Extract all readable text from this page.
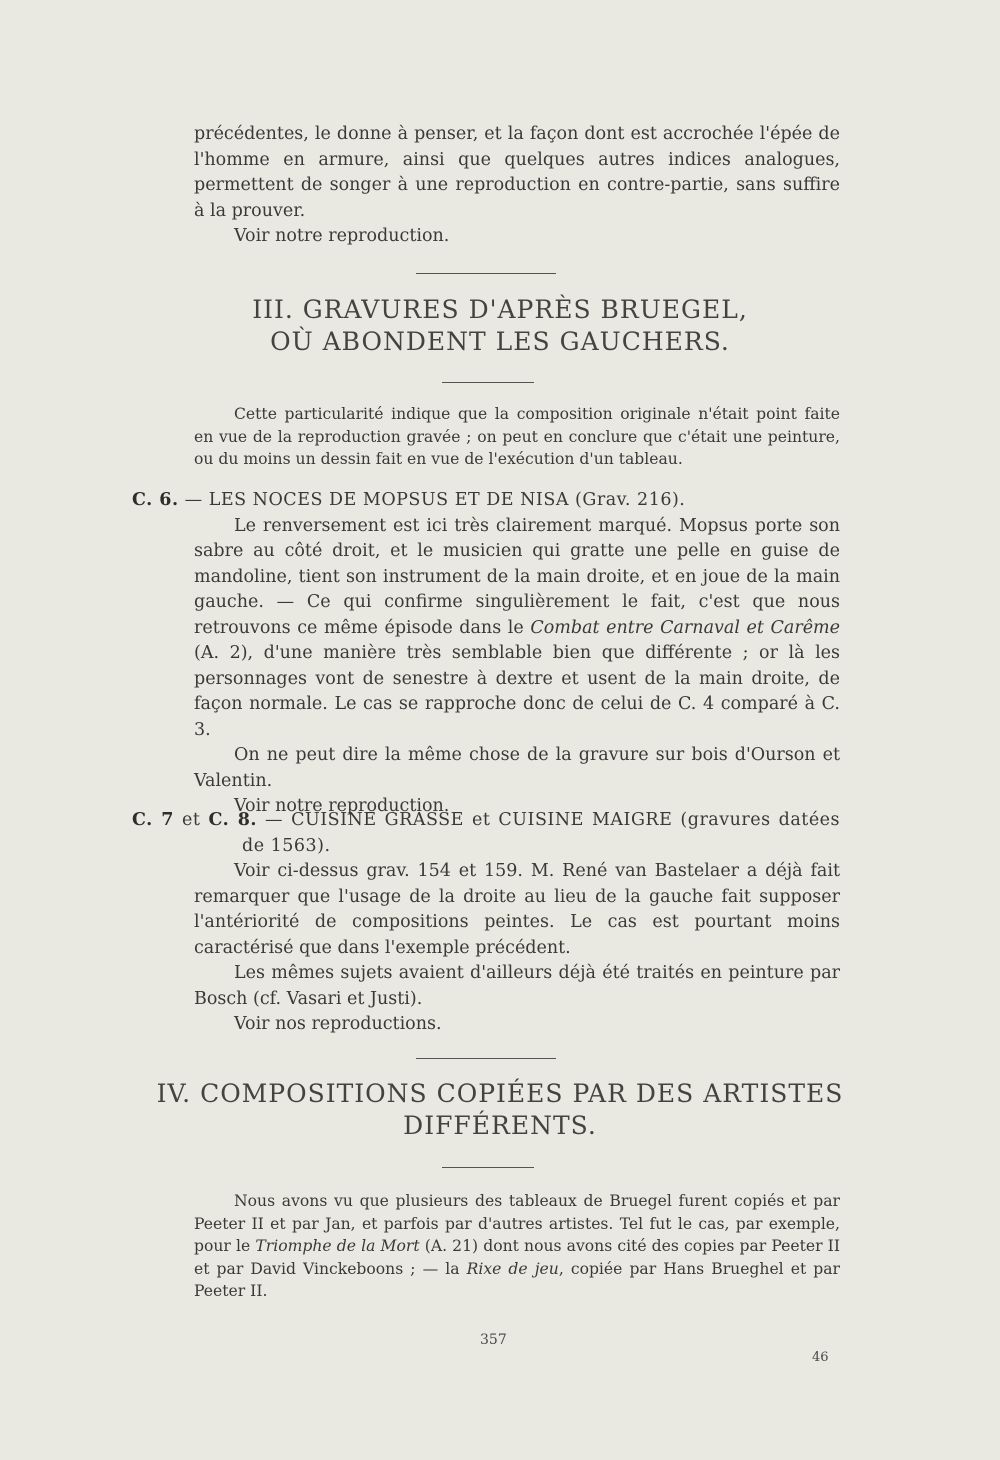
précédentes, le donne à penser, et la façon dont est accrochée l'épée de l'homme en armure, ainsi que quelques autres indices analogues, permettent de songer à une reproduction en contre-partie, sans suffire à la prouver.

Voir notre reproduction.

III. GRAVURES D'APRÈS BRUEGEL,
OÙ ABONDENT LES GAUCHERS.

Cette particularité indique que la composition originale n'était point faite en vue de la reproduction gravée ; on peut en conclure que c'était une peinture, ou du moins un dessin fait en vue de l'exécution d'un tableau.

C. 6. — LES NOCES DE MOPSUS ET DE NISA (Grav. 216).

Le renversement est ici très clairement marqué. Mopsus porte son sabre au côté droit, et le musicien qui gratte une pelle en guise de mandoline, tient son instrument de la main droite, et en joue de la main gauche. — Ce qui confirme singulièrement le fait, c'est que nous retrouvons ce même épisode dans le Combat entre Carnaval et Carême (A. 2), d'une manière très semblable bien que différente ; or là les personnages vont de senestre à dextre et usent de la main droite, de façon normale. Le cas se rapproche donc de celui de C. 4 comparé à C. 3.

On ne peut dire la même chose de la gravure sur bois d'Ourson et Valentin.

Voir notre reproduction.

C. 7 et C. 8. — CUISINE GRASSE et CUISINE MAIGRE (gravures datées de 1563).

Voir ci-dessus grav. 154 et 159. M. René van Bastelaer a déjà fait remarquer que l'usage de la droite au lieu de la gauche fait supposer l'antériorité de compositions peintes. Le cas est pourtant moins caractérisé que dans l'exemple précédent.

Les mêmes sujets avaient d'ailleurs déjà été traités en peinture par Bosch (cf. Vasari et Justi).

Voir nos reproductions.

IV. COMPOSITIONS COPIÉES PAR DES ARTISTES
DIFFÉRENTS.

Nous avons vu que plusieurs des tableaux de Bruegel furent copiés et par Peeter II et par Jan, et parfois par d'autres artistes. Tel fut le cas, par exemple, pour le Triomphe de la Mort (A. 21) dont nous avons cité des copies par Peeter II et par David Vinckeboons ; — la Rixe de jeu, copiée par Hans Brueghel et par Peeter II.

357
46
